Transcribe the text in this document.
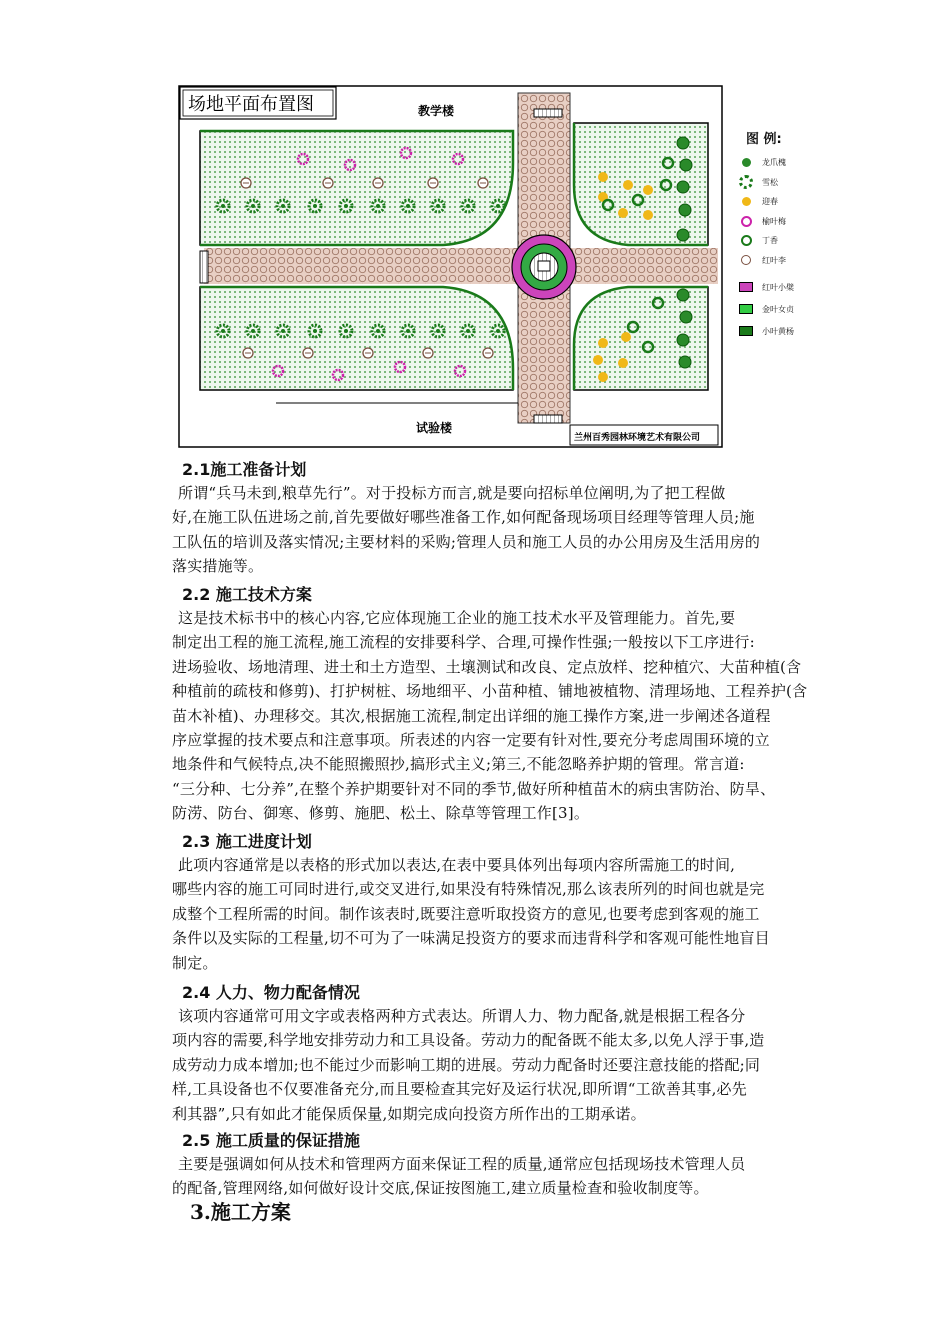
场地平面布置图	教学楼
试验楼
兰州百秀园林环境艺术有限公司
图 例:
龙爪槐
雪松
迎春
榆叶梅
丁香
红叶李
红叶小檗
金叶女贞
小叶黄杨
2.1施工准备计划
所谓“兵马未到,粮草先行”。对于投标方而言,就是要向招标单位阐明,为了把工程做
好,在施工队伍进场之前,首先要做好哪些准备工作,如何配备现场项目经理等管理人员;施
工队伍的培训及落实情况;主要材料的采购;管理人员和施工人员的办公用房及生活用房的
落实措施等。
2.2 施工技术方案
这是技术标书中的核心内容,它应体现施工企业的施工技术水平及管理能力。首先,要
制定出工程的施工流程,施工流程的安排要科学、合理,可操作性强;一般按以下工序进行:
进场验收、场地清理、进土和土方造型、土壤测试和改良、定点放样、挖种植穴、大苗种植(含
种植前的疏枝和修剪)、打护树桩、场地细平、小苗种植、铺地被植物、清理场地、工程养护(含
苗木补植)、办理移交。其次,根据施工流程,制定出详细的施工操作方案,进一步阐述各道程
序应掌握的技术要点和注意事项。所表述的内容一定要有针对性,要充分考虑周围环境的立
地条件和气候特点,决不能照搬照抄,搞形式主义;第三,不能忽略养护期的管理。常言道:
“三分种、七分养”,在整个养护期要针对不同的季节,做好所种植苗木的病虫害防治、防旱、
防涝、防台、御寒、修剪、施肥、松土、除草等管理工作[3]。
2.3 施工进度计划
此项内容通常是以表格的形式加以表达,在表中要具体列出每项内容所需施工的时间,
哪些内容的施工可同时进行,或交叉进行,如果没有特殊情况,那么该表所列的时间也就是完
成整个工程所需的时间。制作该表时,既要注意听取投资方的意见,也要考虑到客观的施工
条件以及实际的工程量,切不可为了一味满足投资方的要求而违背科学和客观可能性地盲目
制定。
2.4 人力、物力配备情况
该项内容通常可用文字或表格两种方式表达。所谓人力、物力配备,就是根据工程各分
项内容的需要,科学地安排劳动力和工具设备。劳动力的配备既不能太多,以免人浮于事,造
成劳动力成本增加;也不能过少而影响工期的进展。劳动力配备时还要注意技能的搭配;同
样,工具设备也不仅要准备充分,而且要检查其完好及运行状况,即所谓“工欲善其事,必先
利其器”,只有如此才能保质保量,如期完成向投资方所作出的工期承诺。
2.5 施工质量的保证措施
主要是强调如何从技术和管理两方面来保证工程的质量,通常应包括现场技术管理人员
的配备,管理网络,如何做好设计交底,保证按图施工,建立质量检查和验收制度等。
3.施工方案
